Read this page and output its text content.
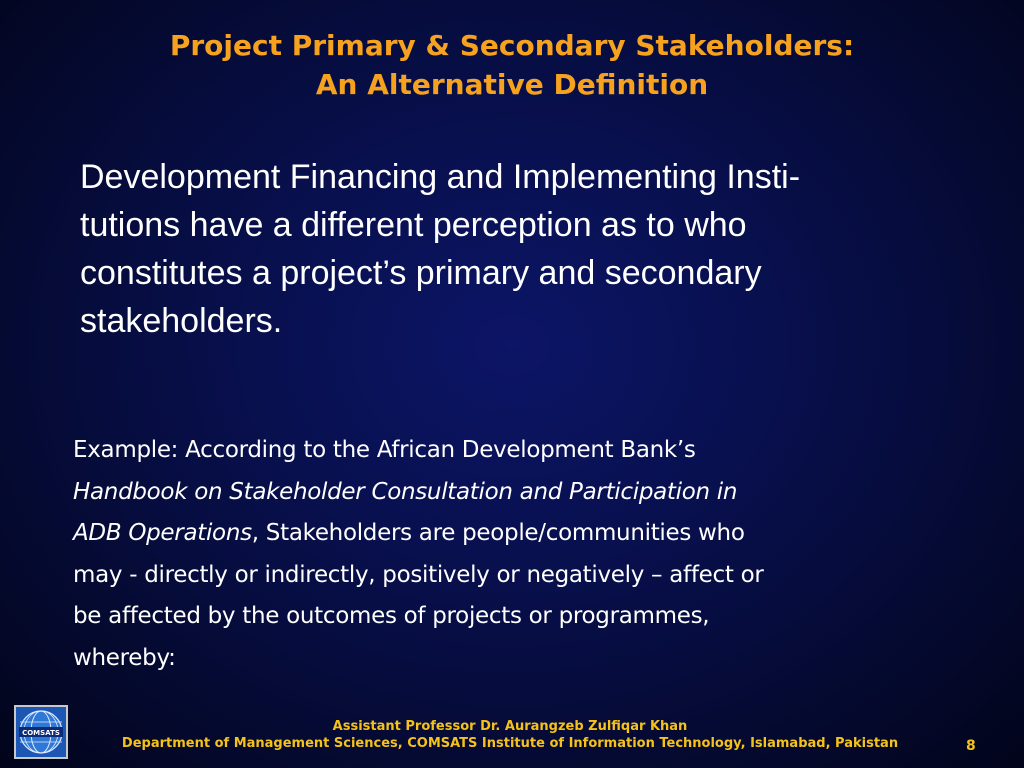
Project Primary & Secondary Stakeholders:
An Alternative Definition

Development Financing and Implementing Insti-
tutions have a different perception as to who
constitutes a project’s primary and secondary
stakeholders.

Example: According to the African Development Bank’s
Handbook on Stakeholder Consultation and Participation in
ADB Operations, Stakeholders are people/communities who
may - directly or indirectly, positively or negatively – affect or
be affected by the outcomes of projects or programmes,
whereby:

COMSATS	Assistant Professor Dr. Aurangzeb Zulfiqar Khan
Department of Management Sciences, COMSATS Institute of Information Technology, Islamabad, Pakistan	8
